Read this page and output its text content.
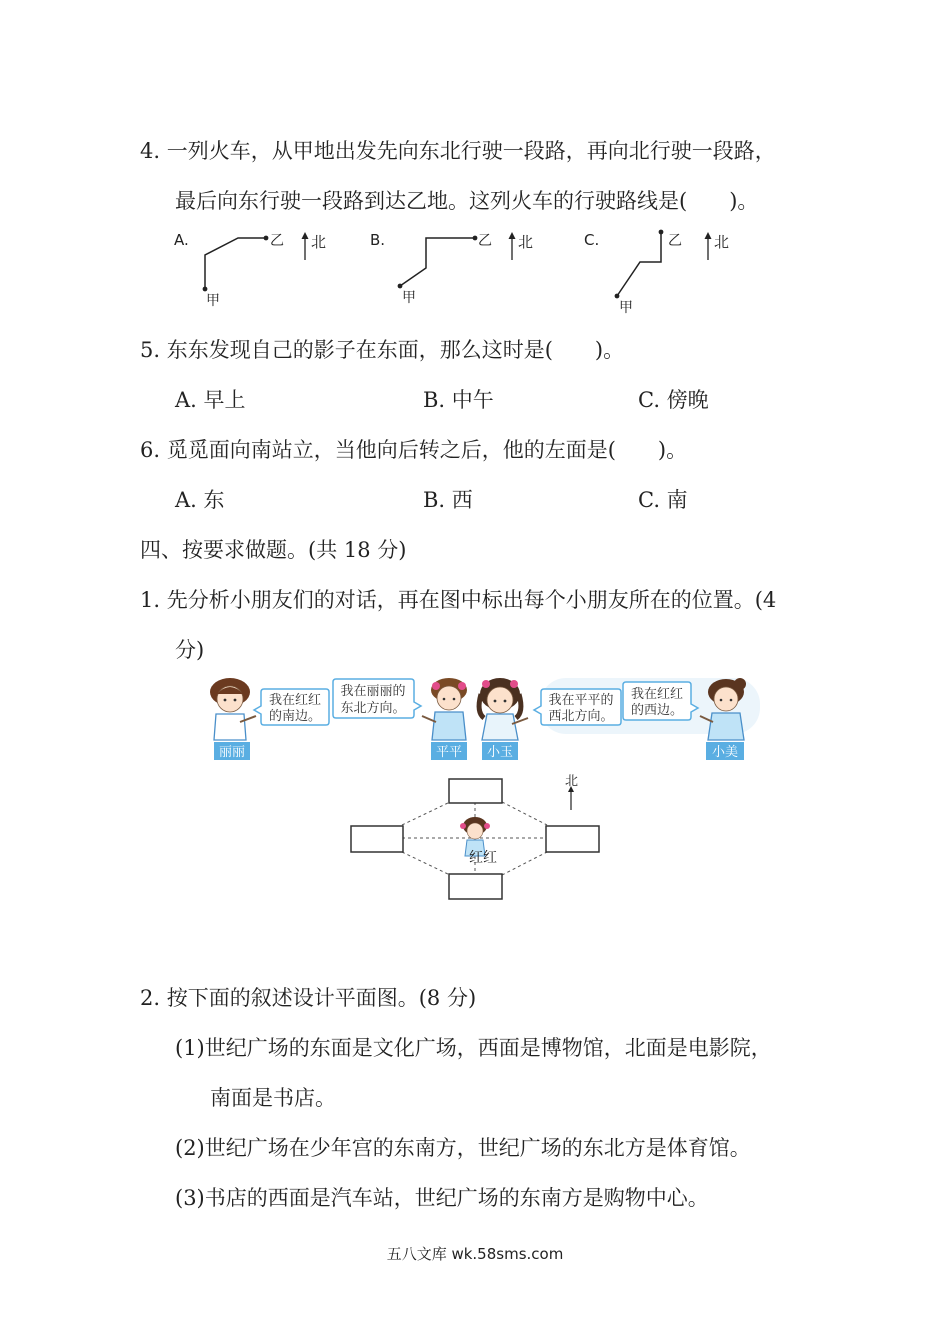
4. 一列火车，从甲地出发先向东北行驶一段路，再向北行驶一段路，
最后向东行驶一段路到达乙地。这列火车的行驶路线是(　　)。
A.
甲
乙 北	B.
甲
乙 北	C.
甲
乙 北
5. 东东发现自己的影子在东面，那么这时是(　　)。
A. 早上	B. 中午	C. 傍晚
6. 觅觅面向南站立，当他向后转之后，他的左面是(　　)。
A. 东	B. 西	C. 南
四、按要求做题。(共 18 分)
1. 先分析小朋友们的对话，再在图中标出每个小朋友所在的位置。(4
分)
丽丽
我在红红
的南边。
我在丽丽的
东北方向。
平平 小玉
我在平平的
西北方向。
我在红红
的西边。
小美
红红
北
2. 按下面的叙述设计平面图。(8 分)
(1)世纪广场的东面是文化广场，西面是博物馆，北面是电影院，
南面是书店。
(2)世纪广场在少年宫的东南方，世纪广场的东北方是体育馆。
(3)书店的西面是汽车站，世纪广场的东南方是购物中心。
五八文库 wk.58sms.com
